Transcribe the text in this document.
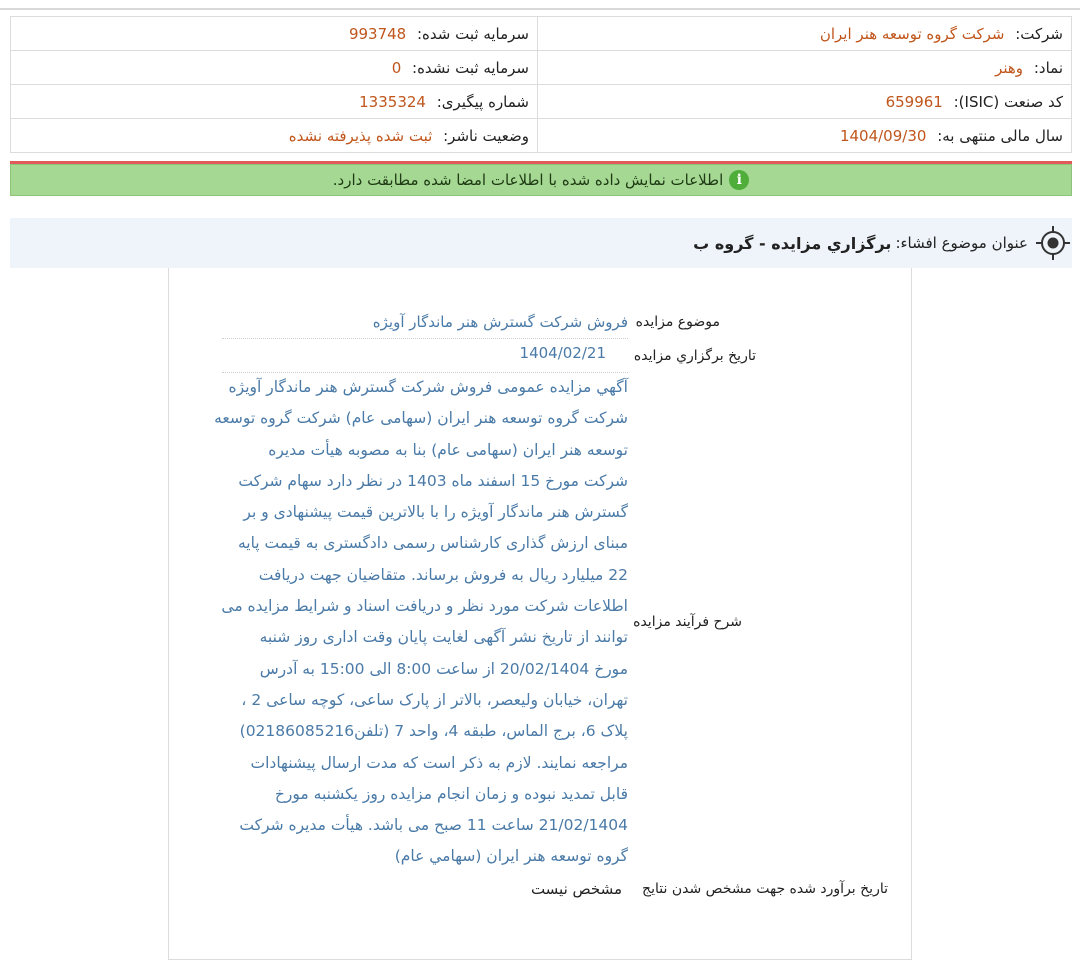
شرکت: شرکت گروه توسعه هنر ایران	سرمایه ثبت شده: 993748
نماد: وهنر	سرمایه ثبت نشده: 0
کد صنعت (ISIC): 659961	شماره پیگیری: 1335324
سال مالی منتهی به: 1404/09/30	وضعیت ناشر: ثبت شده پذیرفته نشده
i
اطلاعات نمایش داده شده با اطلاعات امضا شده مطابقت دارد.
عنوان موضوع افشاء:
برگزاري مزايده - گروه ب
موضوع مزایده
فروش شرکت گسترش هنر ماندگار آویژه
تاریخ برگزاري مزایده
1404/02/21
شرح فرآیند مزایده
آگهي مزايده عمومی فروش شرکت گسترش هنر ماندگار آويژه
شرکت گروه توسعه هنر ایران (سهامی عام) شرکت گروه توسعه
توسعه هنر ایران (سهامی عام) بنا به مصوبه هیأت مدیره
شرکت مورخ 15 اسفند ماه 1403 در نظر دارد سهام شرکت
گسترش هنر ماندگار آویژه را با بالاترین قیمت پیشنهادی و بر
مبنای ارزش گذاری کارشناس رسمی دادگستری به قیمت پایه
22 میلیارد ریال به فروش برساند. متقاضیان جهت دریافت
اطلاعات شرکت مورد نظر و دریافت اسناد و شرایط مزایده می
توانند از تاریخ نشر آگهی لغایت پایان وقت اداری روز شنبه
مورخ 20/02/1404 از ساعت 8:00 الی 15:00 به آدرس
تهران، خیابان ولیعصر، بالاتر از پارک ساعی، کوچه ساعی 2 ،
پلاک 6، برج الماس، طبقه 4، واحد 7 (تلفن02186085216)
مراجعه نمایند. لازم به ذکر است که مدت ارسال پیشنهادات
قابل تمدید نبوده و زمان انجام مزایده روز یکشنبه مورخ
21/02/1404 ساعت 11 صبح می باشد. هیأت مدیره شرکت
گروه توسعه هنر ایران (سهامي عام)
تاریخ برآورد شده جهت مشخص شدن نتایج
مشخص نیست
